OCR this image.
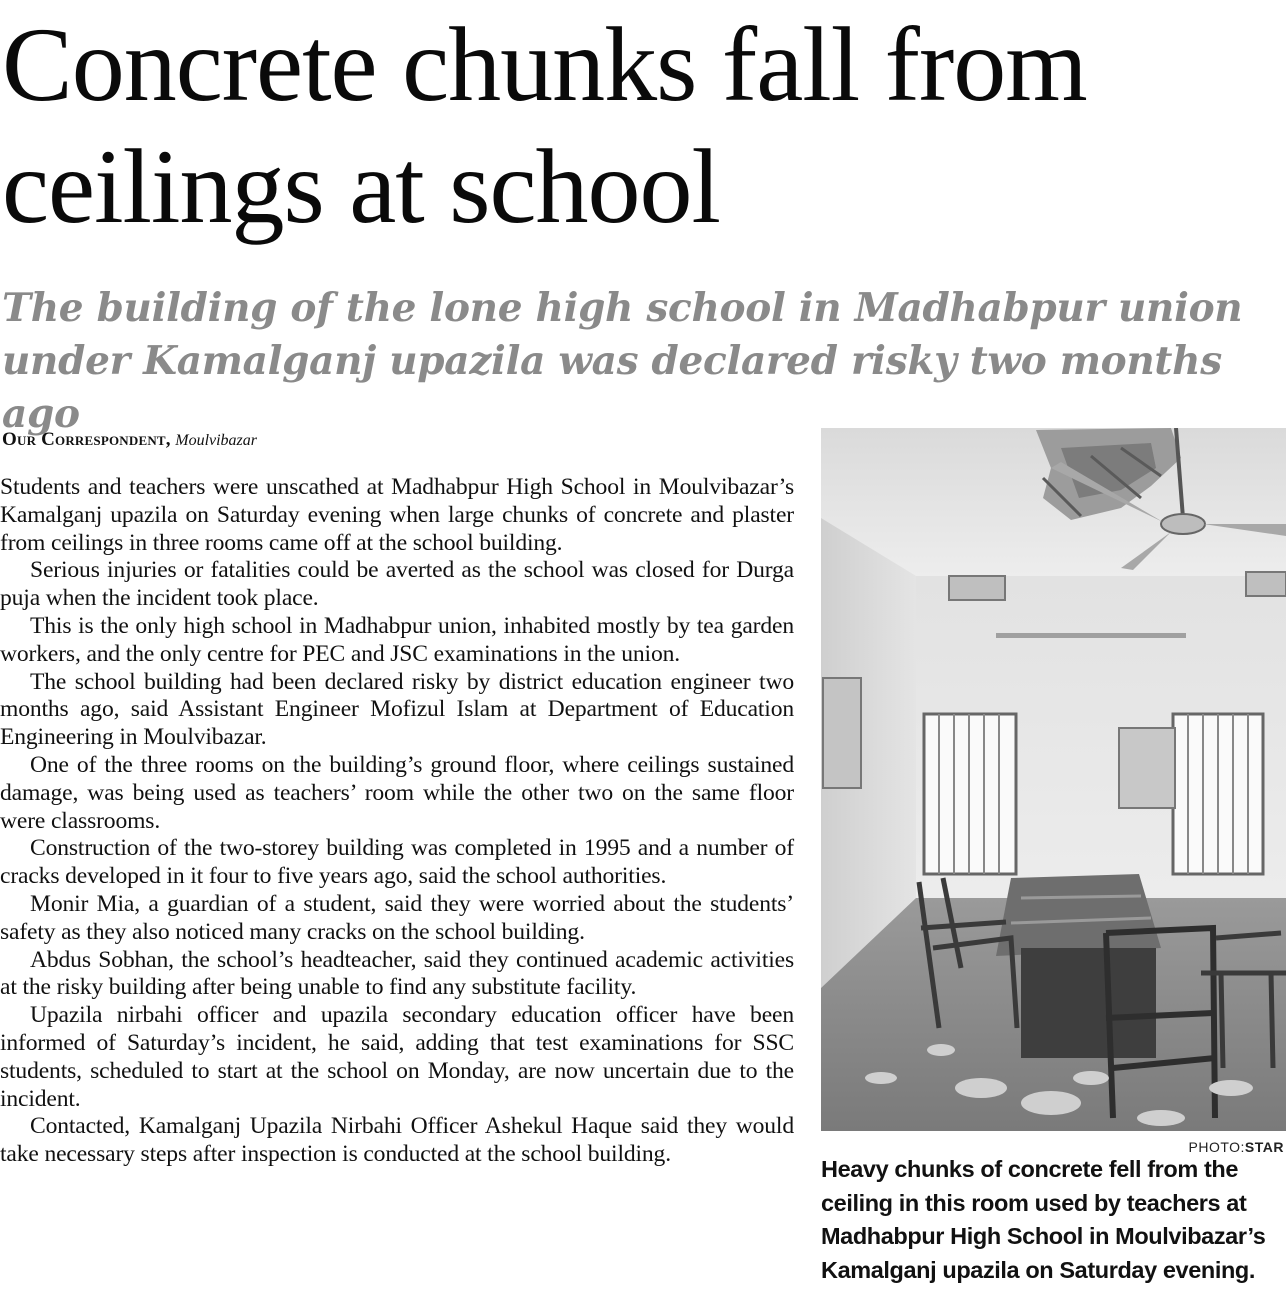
Concrete chunks fall from ceilings at school
The building of the lone high school in Madhabpur union under Kamalganj upazila was declared risky two months ago
Our Correspondent, Moulvibazar

Students and teachers were unscathed at Madhabpur High School in Moulvibazar’s Kamalganj upazila on Saturday evening when large chunks of concrete and plaster from ceilings in three rooms came off at the school building.

Serious injuries or fatalities could be averted as the school was closed for Durga puja when the incident took place.

This is the only high school in Madhabpur union, inhabited mostly by tea garden workers, and the only centre for PEC and JSC examinations in the union.

The school building had been declared risky by district education engineer two months ago, said Assistant Engineer Mofizul Islam at Department of Education Engineering in Moulvibazar.

One of the three rooms on the building’s ground floor, where ceilings sustained damage, was being used as teachers’ room while the other two on the same floor were classrooms.

Construction of the two-storey building was completed in 1995 and a number of cracks developed in it four to five years ago, said the school authorities.

Monir Mia, a guardian of a student, said they were worried about the students’ safety as they also noticed many cracks on the school building.

Abdus Sobhan, the school’s headteacher, said they continued academic activities at the risky building after being unable to find any substitute facility.

Upazila nirbahi officer and upazila secondary education officer have been informed of Saturday’s incident, he said, adding that test examinations for SSC students, scheduled to start at the school on Monday, are now uncertain due to the incident.

Contacted, Kamalganj Upazila Nirbahi Officer Ashekul Haque said they would take necessary steps after inspection is conducted at the school building.	PHOTO:STAR

Heavy chunks of concrete fell from the ceiling in this room used by teachers at Madhabpur High School in Moulvibazar’s Kamalganj upazila on Saturday evening.
